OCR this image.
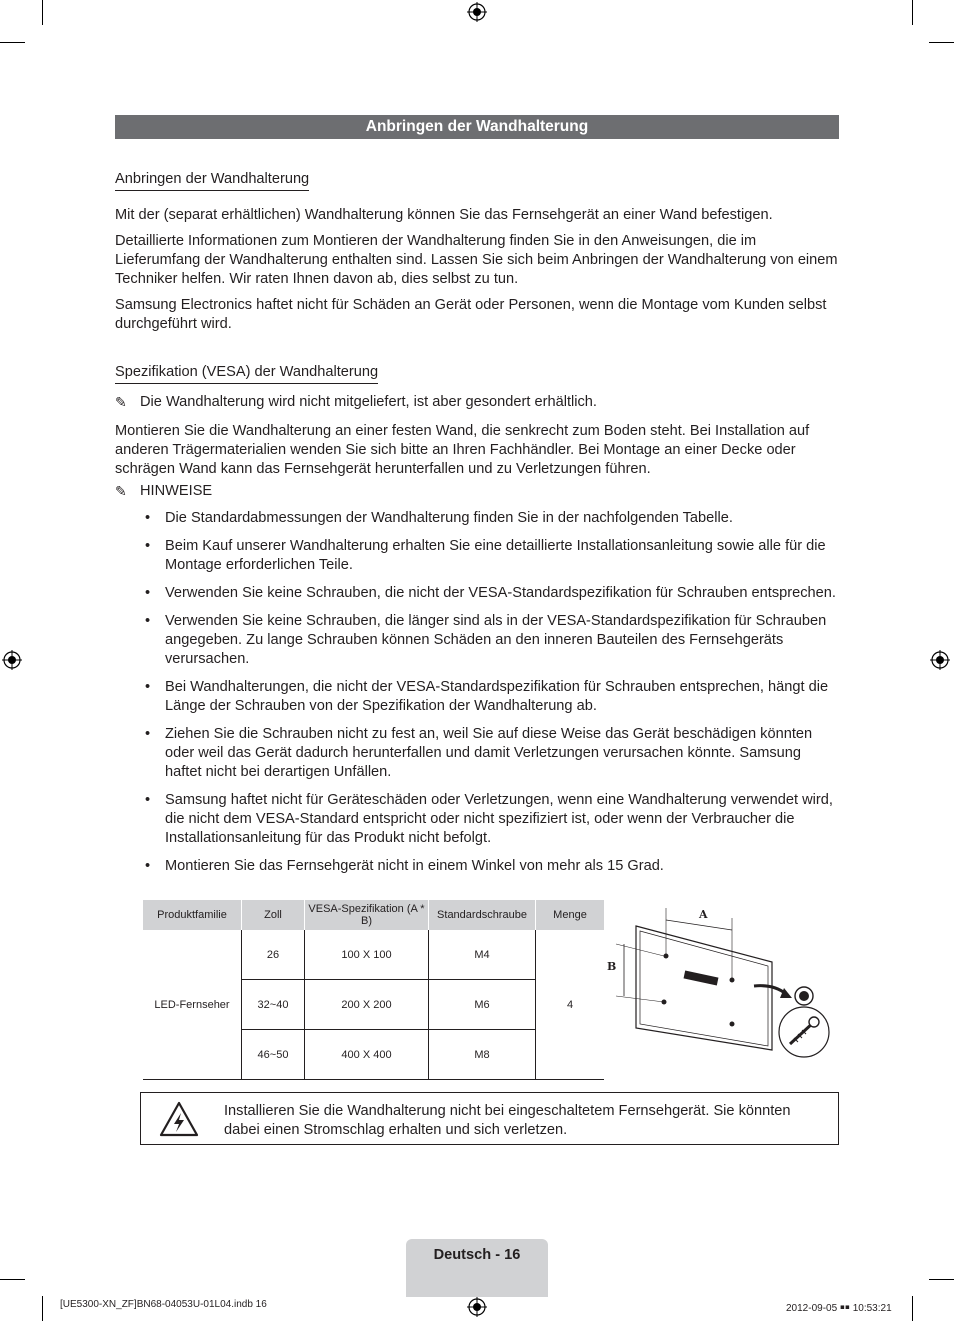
Anbringen der Wandhalterung
Anbringen der Wandhalterung

Mit der (separat erhältlichen) Wandhalterung können Sie das Fernsehgerät an einer Wand befestigen.

Detaillierte Informationen zum Montieren der Wandhalterung finden Sie in den Anweisungen, die im Lieferumfang der Wandhalterung enthalten sind. Lassen Sie sich beim Anbringen der Wandhalterung von einem Techniker helfen. Wir raten Ihnen davon ab, dies selbst zu tun.

Samsung Electronics haftet nicht für Schäden an Gerät oder Personen, wenn die Montage vom Kunden selbst durchgeführt wird.

Spezifikation (VESA) der Wandhalterung
✎ Die Wandhalterung wird nicht mitgeliefert, ist aber gesondert erhältlich.

Montieren Sie die Wandhalterung an einer festen Wand, die senkrecht zum Boden steht. Bei Installation auf anderen Trägermaterialien wenden Sie sich bitte an Ihren Fachhändler. Bei Montage an einer Decke oder schrägen Wand kann das Fernsehgerät herunterfallen und zu Verletzungen führen.

✎ HINWEISE
• Die Standardabmessungen der Wandhalterung finden Sie in der nachfolgenden Tabelle.
• Beim Kauf unserer Wandhalterung erhalten Sie eine detaillierte Installationsanleitung sowie alle für die Montage erforderlichen Teile.
• Verwenden Sie keine Schrauben, die nicht der VESA-Standardspezifikation für Schrauben entsprechen.
• Verwenden Sie keine Schrauben, die länger sind als in der VESA-Standardspezifikation für Schrauben angegeben. Zu lange Schrauben können Schäden an den inneren Bauteilen des Fernsehgeräts verursachen.
• Bei Wandhalterungen, die nicht der VESA-Standardspezifikation für Schrauben entsprechen, hängt die Länge der Schrauben von der Spezifikation der Wandhalterung ab.
• Ziehen Sie die Schrauben nicht zu fest an, weil Sie auf diese Weise das Gerät beschädigen könnten oder weil das Gerät dadurch herunterfallen und damit Verletzungen verursachen könnte. Samsung haftet nicht bei derartigen Unfällen.
• Samsung haftet nicht für Geräteschäden oder Verletzungen, wenn eine Wandhalterung verwendet wird, die nicht dem VESA-Standard entspricht oder nicht spezifiziert ist, oder wenn der Verbraucher die Installationsanleitung für das Produkt nicht befolgt.
• Montieren Sie das Fernsehgerät nicht in einem Winkel von mehr als 15 Grad.
Produktfamilie	Zoll	VESA-Spezifikation (A * B)	Standardschraube	Menge
LED-Fernseher	26	100 X 100	M4	4
	32~40	200 X 200	M6	
	46~50	400 X 400	M8	
A
B
Installieren Sie die Wandhalterung nicht bei eingeschaltetem Fernsehgerät. Sie könnten dabei einen Stromschlag erhalten und sich verletzen.
Deutsch - 16
[UE5300-XN_ZF]BN68-04053U-01L04.indb 16	2012-09-05 ￭￭ 10:53:21
